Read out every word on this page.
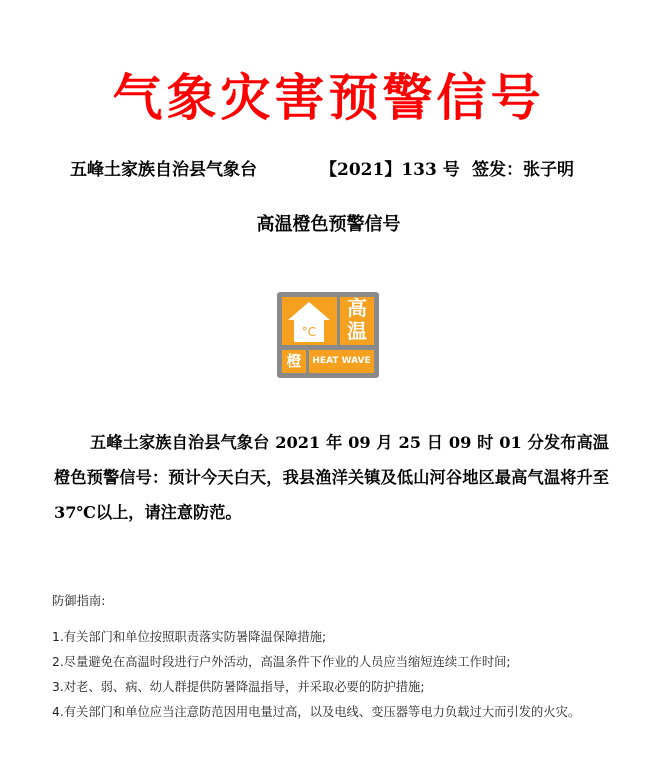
气象灾害预警信号
五峰土家族自治县气象台	【2021】133 号 签发：张子明
高温橙色预警信号
°C
高
温
橙	HEAT WAVE
五峰土家族自治县气象台 2021 年 09 月 25 日 09 时 01 分发布高温橙色预警信号：预计今天白天，我县渔洋关镇及低山河谷地区最高气温将升至 37℃以上，请注意防范。
防御指南:
1.有关部门和单位按照职责落实防暑降温保障措施;
2.尽量避免在高温时段进行户外活动，高温条件下作业的人员应当缩短连续工作时间;
3.对老、弱、病、幼人群提供防暑降温指导，并采取必要的防护措施;
4.有关部门和单位应当注意防范因用电量过高，以及电线、变压器等电力负载过大而引发的火灾。
